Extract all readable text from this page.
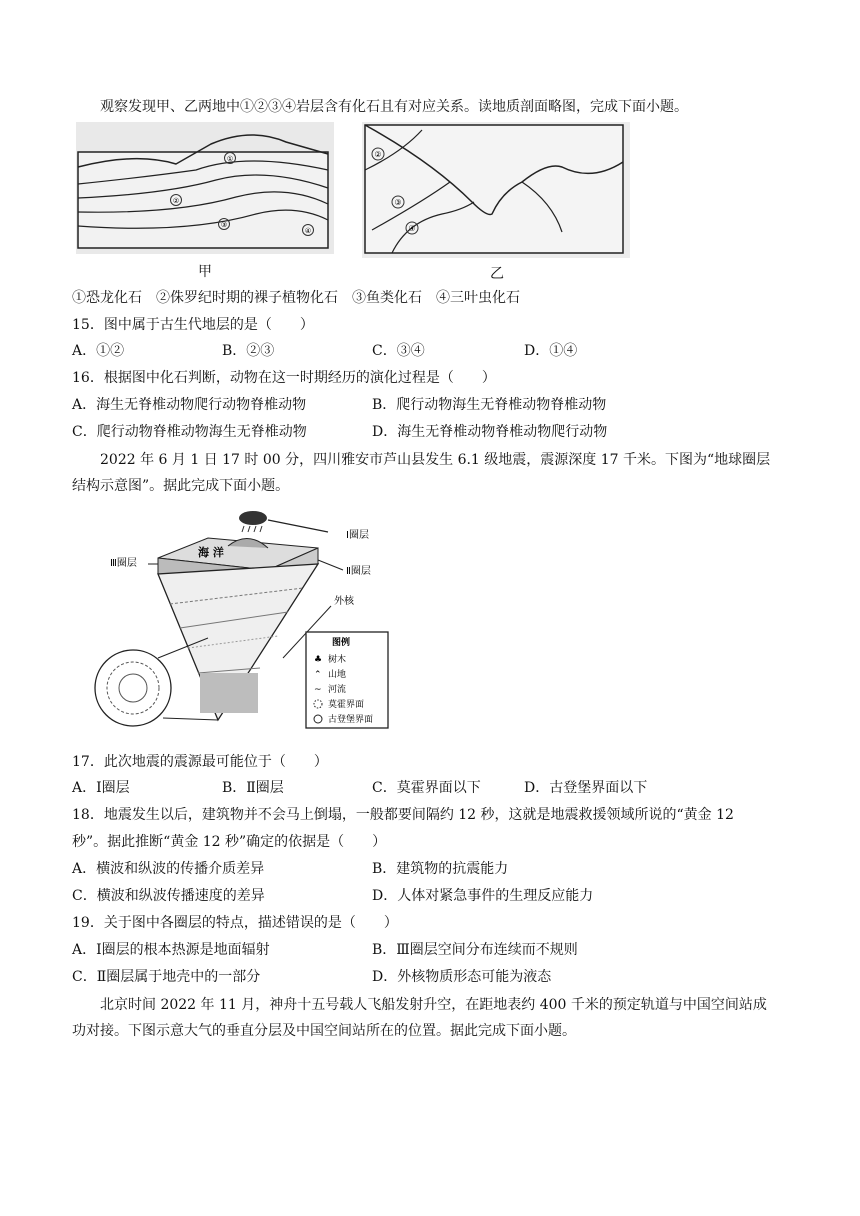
观察发现甲、乙两地中①②③④岩层含有化石且有对应关系。读地质剖面略图，完成下面小题。
①
②
③
④
甲
②
③
④
乙
①恐龙化石　②侏罗纪时期的裸子植物化石　③鱼类化石　④三叶虫化石
15．图中属于古生代地层的是（　　）
A．①②	B．②③	C．③④	D．①④
16．根据图中化石判断，动物在这一时期经历的演化过程是（　　）
A．海生无脊椎动物爬行动物脊椎动物	B．爬行动物海生无脊椎动物脊椎动物
C．爬行动物脊椎动物海生无脊椎动物	D．海生无脊椎动物脊椎动物爬行动物
2022 年 6 月 1 日 17 时 00 分，四川雅安市芦山县发生 6.1 级地震，震源深度 17 千米。下图为“地球圈层
结构示意图”。据此完成下面小题。
Ⅰ圈层
海 洋
Ⅲ圈层
Ⅱ圈层
外核
图例
♣ 树木
⌃ 山地
~ 河流
莫霍界面
古登堡界面
17．此次地震的震源最可能位于（　　）
A．Ⅰ圈层	B．Ⅱ圈层	C．莫霍界面以下	D．古登堡界面以下
18．地震发生以后，建筑物并不会马上倒塌，一般都要间隔约 12 秒，这就是地震救援领域所说的“黄金 12
秒”。据此推断“黄金 12 秒”确定的依据是（　　）
A．横波和纵波的传播介质差异	B．建筑物的抗震能力
C．横波和纵波传播速度的差异	D．人体对紧急事件的生理反应能力
19．关于图中各圈层的特点，描述错误的是（　　）
A．Ⅰ圈层的根本热源是地面辐射	B．Ⅲ圈层空间分布连续而不规则
C．Ⅱ圈层属于地壳中的一部分	D．外核物质形态可能为液态
北京时间 2022 年 11 月，神舟十五号载人飞船发射升空，在距地表约 400 千米的预定轨道与中国空间站成
功对接。下图示意大气的垂直分层及中国空间站所在的位置。据此完成下面小题。
